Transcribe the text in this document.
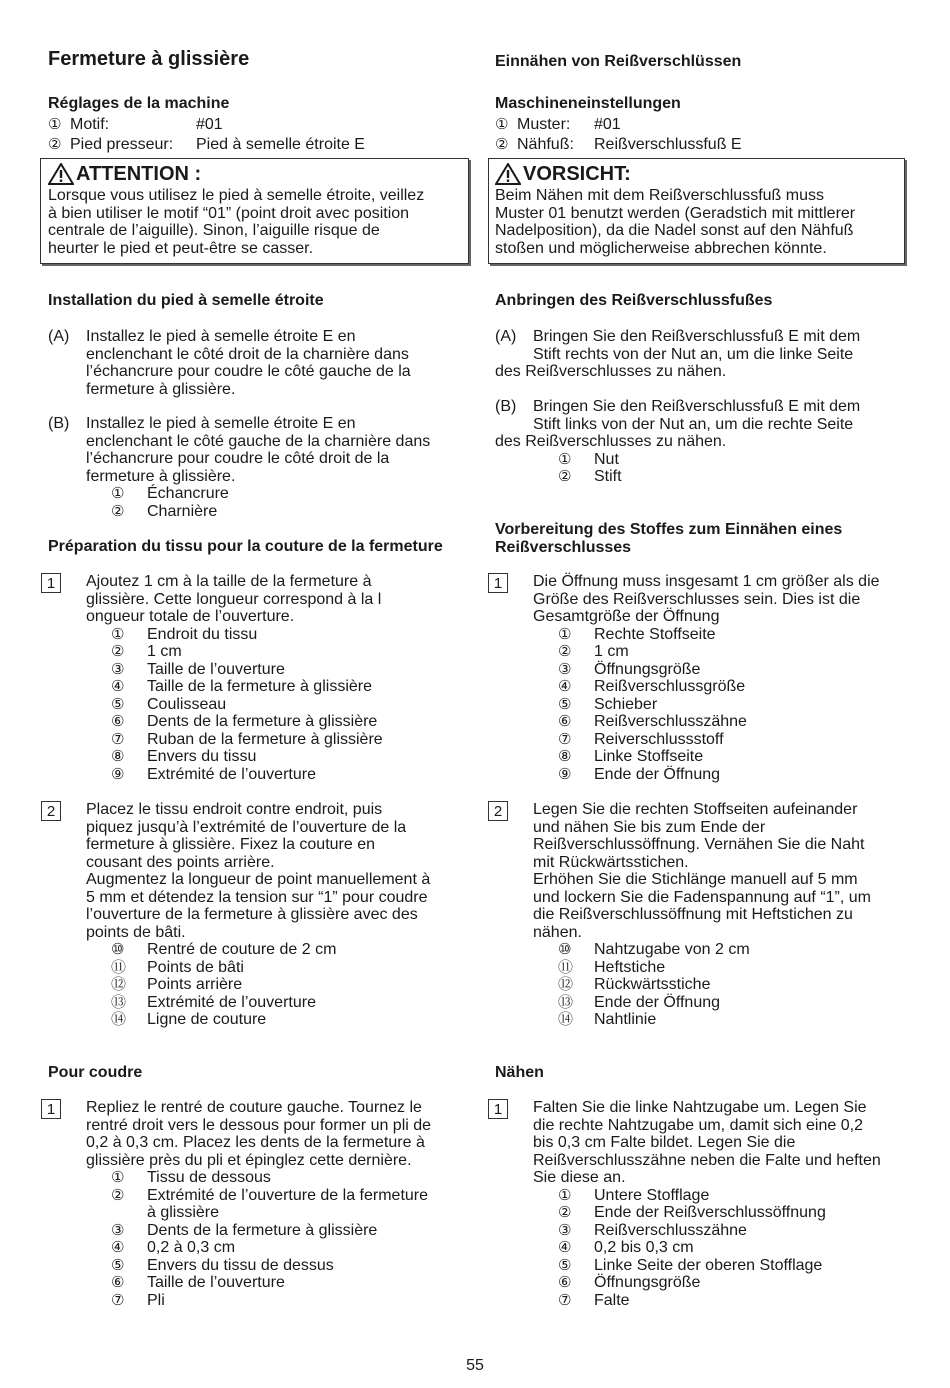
Fermeture à glissière
Réglages de la machine
① Motif:	#01
② Pied presseur: Pied à semelle étroite E
ATTENTION :
Lorsque vous utilisez le pied à semelle étroite, veillez
à bien utiliser le motif “01” (point droit avec position
centrale de l’aiguille). Sinon, l’aiguille risque de
heurter le pied et peut-être se casser.
Installation du pied à semelle étroite
(A) Installez le pied à semelle étroite E en
enclenchant le côté droit de la charnière dans
l’échancrure pour coudre le côté gauche de la
fermeture à glissière.
(B) Installez le pied à semelle étroite E en
enclenchant le côté gauche de la charnière dans
l’échancrure pour coudre le côté droit de la
fermeture à glissière.
① Échancrure
② Charnière
Préparation du tissu pour la couture de la fermeture
1	Ajoutez 1 cm à la taille de la fermeture à
glissière. Cette longueur correspond à la l
ongueur totale de l’ouverture.
① Endroit du tissu
② 1 cm
③ Taille de l’ouverture
④ Taille de la fermeture à glissière
⑤ Coulisseau
⑥ Dents de la fermeture à glissière
⑦ Ruban de la fermeture à glissière
⑧ Envers du tissu
⑨ Extrémité de l’ouverture
2	Placez le tissu endroit contre endroit, puis
piquez jusqu’à l’extrémité de l’ouverture de la
fermeture à glissière. Fixez la couture en
cousant des points arrière.
Augmentez la longueur de point manuellement à
5 mm et détendez la tension sur “1” pour coudre
l’ouverture de la fermeture à glissière avec des
points de bâti.
⑩ Rentré de couture de 2 cm
⑪ Points de bâti
⑫ Points arrière
⑬ Extrémité de l’ouverture
⑭ Ligne de couture
Pour coudre
1	Repliez le rentré de couture gauche. Tournez le
rentré droit vers le dessous pour former un pli de
0,2 à 0,3 cm. Placez les dents de la fermeture à
glissière près du pli et épinglez cette dernière.
① Tissu de dessous
② Extrémité de l’ouverture de la fermeture
à glissière
③ Dents de la fermeture à glissière
④ 0,2 à 0,3 cm
⑤ Envers du tissu de dessus
⑥ Taille de l’ouverture
⑦ Pli
Einnähen von Reißverschlüssen
Maschineneinstellungen
① Muster: #01
② Nähfuß: Reißverschlussfuß E
VORSICHT:
Beim Nähen mit dem Reißverschlussfuß muss
Muster 01 benutzt werden (Geradstich mit mittlerer
Nadelposition), da die Nadel sonst auf den Nähfuß
stoßen und möglicherweise abbrechen könnte.
Anbringen des Reißverschlussfußes
(A) Bringen Sie den Reißverschlussfuß E mit dem
Stift rechts von der Nut an, um die linke Seite
des Reißverschlusses zu nähen.
(B) Bringen Sie den Reißverschlussfuß E mit dem
Stift links von der Nut an, um die rechte Seite
des Reißverschlusses zu nähen.
① Nut
② Stift
Vorbereitung des Stoffes zum Einnähen eines
Reißverschlusses
1	Die Öffnung muss insgesamt 1 cm größer als die
Größe des Reißverschlusses sein. Dies ist die
Gesamtgröße der Öffnung
① Rechte Stoffseite
② 1 cm
③ Öffnungsgröße
④ Reißverschlussgröße
⑤ Schieber
⑥ Reißverschlusszähne
⑦ Reiverschlussstoff
⑧ Linke Stoffseite
⑨ Ende der Öffnung
2	Legen Sie die rechten Stoffseiten aufeinander
und nähen Sie bis zum Ende der
Reißverschlussöffnung. Vernähen Sie die Naht
mit Rückwärtsstichen.
Erhöhen Sie die Stichlänge manuell auf 5 mm
und lockern Sie die Fadenspannung auf “1”, um
die Reißverschlussöffnung mit Heftstichen zu
nähen.
⑩ Nahtzugabe von 2 cm
⑪ Heftstiche
⑫ Rückwärtsstiche
⑬ Ende der Öffnung
⑭ Nahtlinie
Nähen
1	Falten Sie die linke Nahtzugabe um. Legen Sie
die rechte Nahtzugabe um, damit sich eine 0,2
bis 0,3 cm Falte bildet. Legen Sie die
Reißverschlusszähne neben die Falte und heften
Sie diese an.
① Untere Stofflage
② Ende der Reißverschlussöffnung
③ Reißverschlusszähne
④ 0,2 bis 0,3 cm
⑤ Linke Seite der oberen Stofflage
⑥ Öffnungsgröße
⑦ Falte
55
